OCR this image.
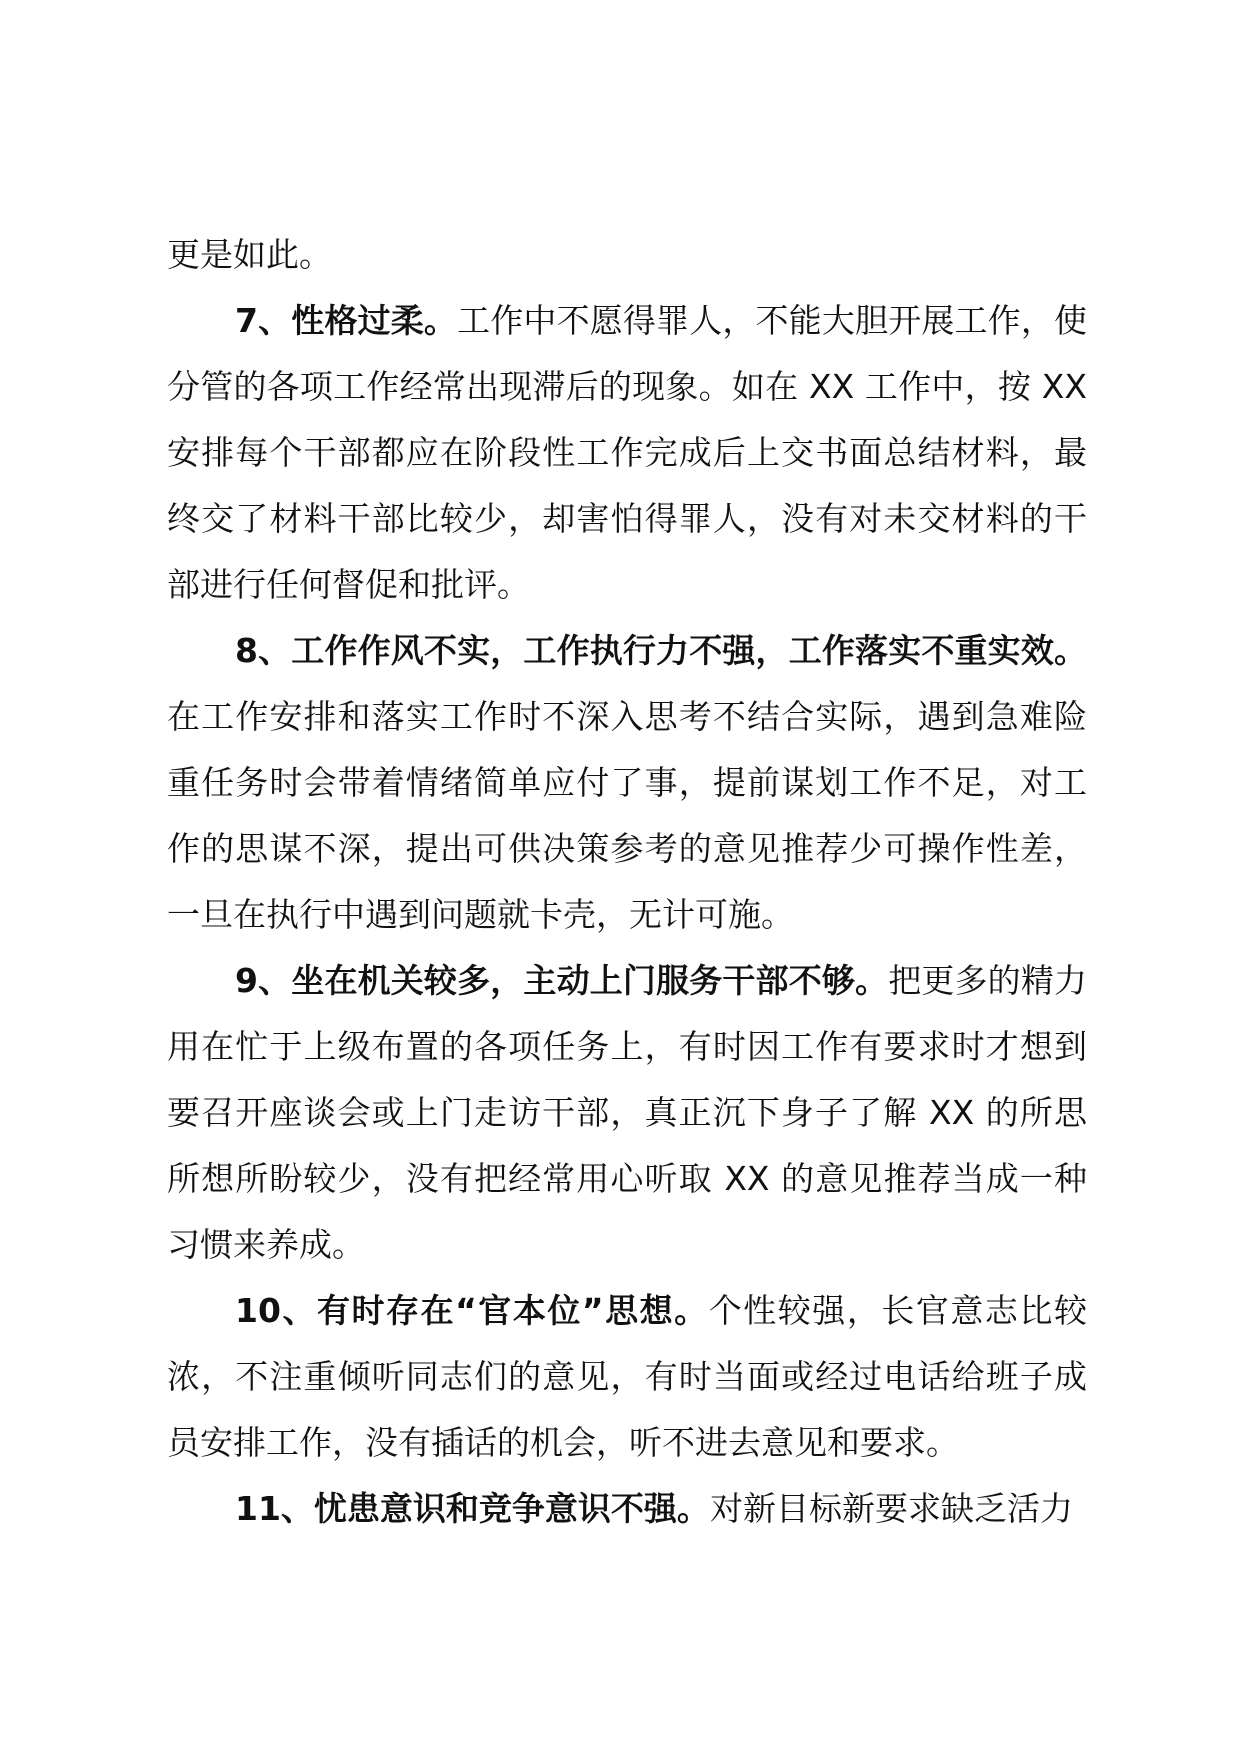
更是如此。

7、性格过柔。工作中不愿得罪人，不能大胆开展工作，使分管的各项工作经常出现滞后的现象。如在 XX 工作中，按 XX 安排每个干部都应在阶段性工作完成后上交书面总结材料，最终交了材料干部比较少，却害怕得罪人，没有对未交材料的干部进行任何督促和批评。

8、工作作风不实，工作执行力不强，工作落实不重实效。在工作安排和落实工作时不深入思考不结合实际，遇到急难险重任务时会带着情绪简单应付了事，提前谋划工作不足，对工作的思谋不深，提出可供决策参考的意见推荐少可操作性差，一旦在执行中遇到问题就卡壳，无计可施。

9、坐在机关较多，主动上门服务干部不够。把更多的精力用在忙于上级布置的各项任务上，有时因工作有要求时才想到要召开座谈会或上门走访干部，真正沉下身子了解 XX 的所思所想所盼较少，没有把经常用心听取 XX 的意见推荐当成一种习惯来养成。

10、有时存在“官本位”思想。个性较强，长官意志比较浓，不注重倾听同志们的意见，有时当面或经过电话给班子成员安排工作，没有插话的机会，听不进去意见和要求。

11、忧患意识和竞争意识不强。对新目标新要求缺乏活力
